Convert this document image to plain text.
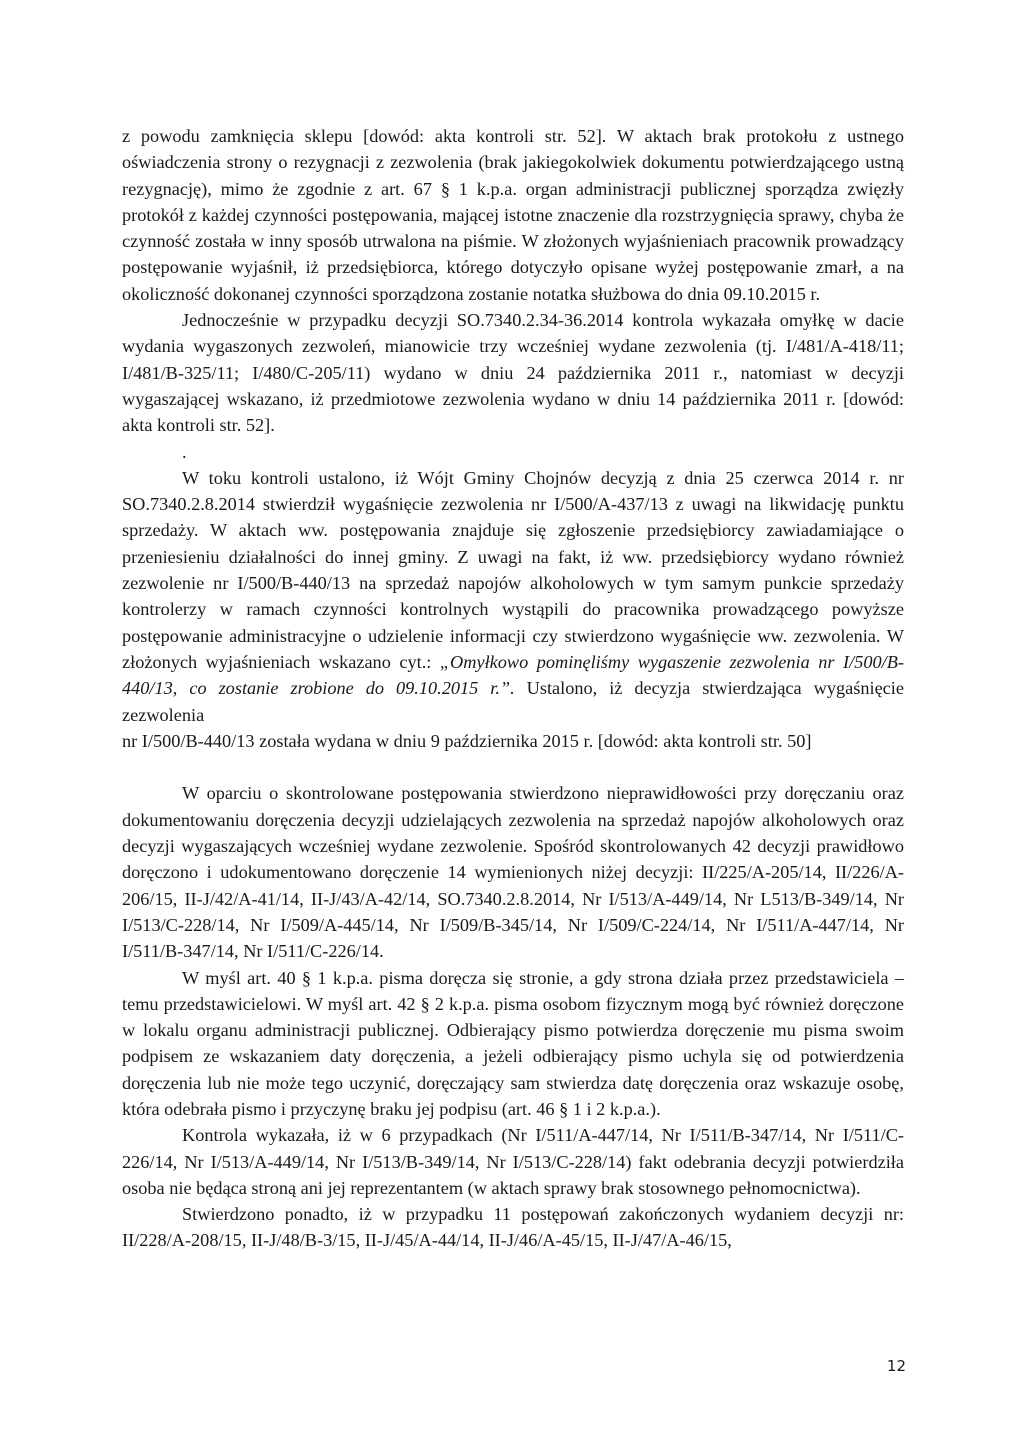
z powodu zamknięcia sklepu [dowód: akta kontroli str. 52]. W aktach brak protokołu z ustnego oświadczenia strony o rezygnacji z zezwolenia (brak jakiegokolwiek dokumentu potwierdzającego ustną rezygnację), mimo że zgodnie z art. 67 § 1 k.p.a. organ administracji publicznej sporządza zwięzły protokół z każdej czynności postępowania, mającej istotne znaczenie dla rozstrzygnięcia sprawy, chyba że czynność została w inny sposób utrwalona na piśmie. W złożonych wyjaśnieniach pracownik prowadzący postępowanie wyjaśnił, iż przedsiębiorca, którego dotyczyło opisane wyżej postępowanie zmarł, a na okoliczność dokonanej czynności sporządzona zostanie notatka służbowa do dnia 09.10.2015 r.

Jednocześnie w przypadku decyzji SO.7340.2.34-36.2014 kontrola wykazała omyłkę w dacie wydania wygaszonych zezwoleń, mianowicie trzy wcześniej wydane zezwolenia (tj. I/481/A-418/11; I/481/B-325/11; I/480/C-205/11) wydano w dniu 24 października 2011 r., natomiast w decyzji wygaszającej wskazano, iż przedmiotowe zezwolenia wydano w dniu 14 października 2011 r. [dowód: akta kontroli str. 52].

.

W toku kontroli ustalono, iż Wójt Gminy Chojnów decyzją z dnia 25 czerwca 2014 r. nr SO.7340.2.8.2014 stwierdził wygaśnięcie zezwolenia nr I/500/A-437/13 z uwagi na likwidację punktu sprzedaży. W aktach ww. postępowania znajduje się zgłoszenie przedsiębiorcy zawiadamiające o przeniesieniu działalności do innej gminy. Z uwagi na fakt, iż ww. przedsiębiorcy wydano również zezwolenie nr I/500/B-440/13 na sprzedaż napojów alkoholowych w tym samym punkcie sprzedaży kontrolerzy w ramach czynności kontrolnych wystąpili do pracownika prowadzącego powyższe postępowanie administracyjne o udzielenie informacji czy stwierdzono wygaśnięcie ww. zezwolenia. W złożonych wyjaśnieniach wskazano cyt.: „Omyłkowo pominęliśmy wygaszenie zezwolenia nr I/500/B-440/13, co zostanie zrobione do 09.10.2015 r.”. Ustalono, iż decyzja stwierdzająca wygaśnięcie zezwolenia

nr I/500/B-440/13 została wydana w dniu 9 października 2015 r. [dowód: akta kontroli str. 50]

W oparciu o skontrolowane postępowania stwierdzono nieprawidłowości przy doręczaniu oraz dokumentowaniu doręczenia decyzji udzielających zezwolenia na sprzedaż napojów alkoholowych oraz decyzji wygaszających wcześniej wydane zezwolenie. Spośród skontrolowanych 42 decyzji prawidłowo doręczono i udokumentowano doręczenie 14 wymienionych niżej decyzji: II/225/A-205/14, II/226/A-206/15, II-J/42/A-41/14, II-J/43/A-42/14, SO.7340.2.8.2014, Nr I/513/A-449/14, Nr L513/B-349/14, Nr I/513/C-228/14, Nr I/509/A-445/14, Nr I/509/B-345/14, Nr I/509/C-224/14, Nr I/511/A-447/14, Nr I/511/B-347/14, Nr I/511/C-226/14.

W myśl art. 40 § 1 k.p.a. pisma doręcza się stronie, a gdy strona działa przez przedstawiciela – temu przedstawicielowi. W myśl art. 42 § 2 k.p.a. pisma osobom fizycznym mogą być również doręczone w lokalu organu administracji publicznej. Odbierający pismo potwierdza doręczenie mu pisma swoim podpisem ze wskazaniem daty doręczenia, a jeżeli odbierający pismo uchyla się od potwierdzenia doręczenia lub nie może tego uczynić, doręczający sam stwierdza datę doręczenia oraz wskazuje osobę, która odebrała pismo i przyczynę braku jej podpisu (art. 46 § 1 i 2 k.p.a.).

Kontrola wykazała, iż w 6 przypadkach (Nr I/511/A-447/14, Nr I/511/B-347/14, Nr I/511/C-226/14, Nr I/513/A-449/14, Nr I/513/B-349/14, Nr I/513/C-228/14) fakt odebrania decyzji potwierdziła osoba nie będąca stroną ani jej reprezentantem (w aktach sprawy brak stosownego pełnomocnictwa).

Stwierdzono ponadto, iż w przypadku 11 postępowań zakończonych wydaniem decyzji nr: II/228/A-208/15, II-J/48/B-3/15, II-J/45/A-44/14, II-J/46/A-45/15, II-J/47/A-46/15,

12
